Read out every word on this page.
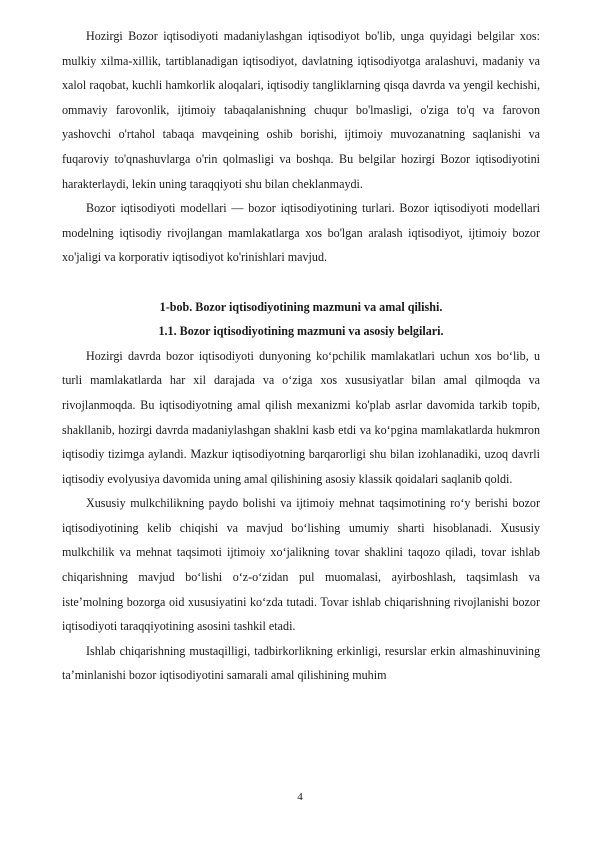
Hozirgi Bozor iqtisodiyoti madaniylashgan iqtisodiyot bo'lib, unga quyidagi belgilar xos: mulkiy xilma-xillik, tartiblanadigan iqtisodiyot, davlatning iqtisodiyotga aralashuvi, madaniy va xalol raqobat, kuchli hamkorlik aloqalari, iqtisodiy tangliklarning qisqa davrda va yengil kechishi, ommaviy farovonlik, ijtimoiy tabaqalanishning chuqur bo'lmasligi, o'ziga to'q va farovon yashovchi o'rtahol tabaqa mavqeining oshib borishi, ijtimoiy muvozanatning saqlanishi va fuqaroviy to'qnashuvlarga o'rin qolmasligi va boshqa. Bu belgilar hozirgi Bozor iqtisodiyotini harakterlaydi, lekin uning taraqqiyoti shu bilan cheklanmaydi.

Bozor iqtisodiyoti modellari — bozor iqtisodiyotining turlari. Bozor iqtisodiyoti modellari modelning iqtisodiy rivojlangan mamlakatlarga xos bo'lgan aralash iqtisodiyot, ijtimoiy bozor xo'jaligi va korporativ iqtisodiyot ko'rinishlari mavjud.

1-bob. Bozor iqtisodiyotining mazmuni va amal qilishi.

1.1. Bozor iqtisodiyotining mazmuni va asosiy belgilari.

Hozirgi davrda bozor iqtisodiyoti dunyoning ko‘pchilik mamlakatlari uchun xos bo‘lib, u turli mamlakatlarda har xil darajada va o‘ziga xos xususiyatlar bilan amal qilmoqda va rivojlanmoqda. Bu iqtisodiyotning amal qilish mexanizmi ko'plab asrlar davomida tarkib topib, shakllanib, hozirgi davrda madaniylashgan shaklni kasb etdi va ko‘pgina mamlakatlarda hukmron iqtisodiy tizimga aylandi. Mazkur iqtisodiyotning barqarorligi shu bilan izohlanadiki, uzoq davrli iqtisodiy evolyusiya davomida uning amal qilishining asosiy klassik qoidalari saqlanib qoldi.

Xususiy mulkchilikning paydo bolishi va ijtimoiy mehnat taqsimotining ro‘y berishi bozor iqtisodiyotining kelib chiqishi va mavjud bo‘lishing umumiy sharti hisoblanadi. Xususiy mulkchilik va mehnat taqsimoti ijtimoiy xo‘jalikning tovar shaklini taqozo qiladi, tovar ishlab chiqarishning mavjud bo‘lishi o‘z-o‘zidan pul muomalasi, ayirboshlash, taqsimlash va iste’molning bozorga oid xususiyatini ko‘zda tutadi. Tovar ishlab chiqarishning rivojlanishi bozor iqtisodiyoti taraqqiyotining asosini tashkil etadi.

Ishlab chiqarishning mustaqilligi, tadbirkorlikning erkinligi, resurslar erkin almashinuvining ta’minlanishi bozor iqtisodiyotini samarali amal qilishining muhim

4
